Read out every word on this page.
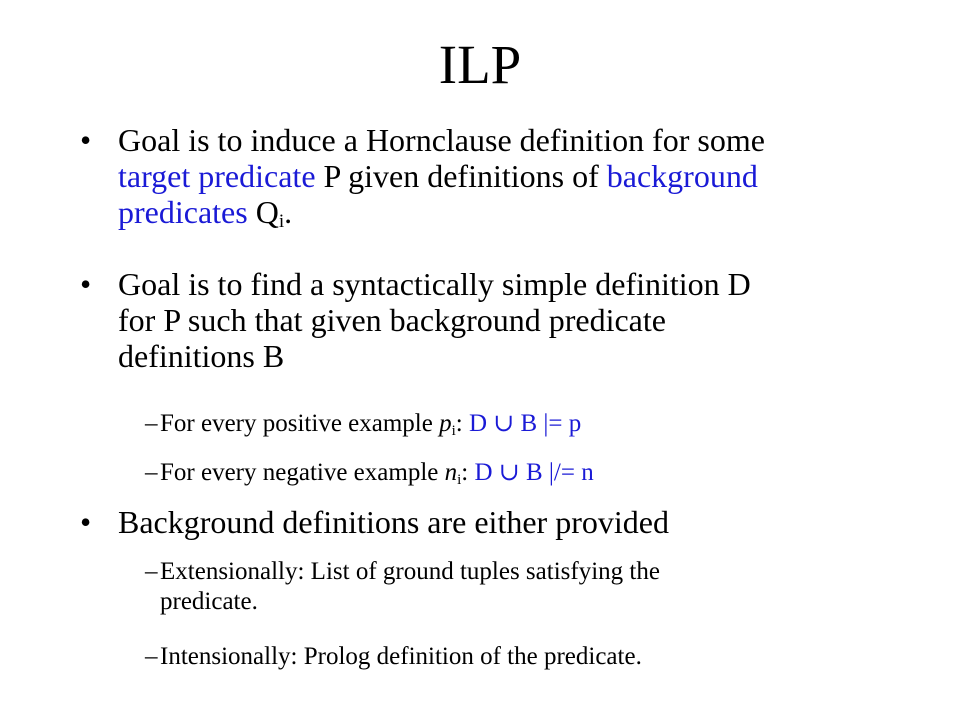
ILP
• Goal is to induce a Hornclause definition for some
target predicate P given definitions of background
predicates $Q_i$.
• Goal is to find a syntactically simple definition D
for P such that given background predicate
definitions B
– For every positive example $p_i$: D ∪ B |= p
– For every negative example $n_i$: D ∪ B |/= n
• Background definitions are either provided
– Extensionally: List of ground tuples satisfying the
predicate.
– Intensionally: Prolog definition of the predicate.
